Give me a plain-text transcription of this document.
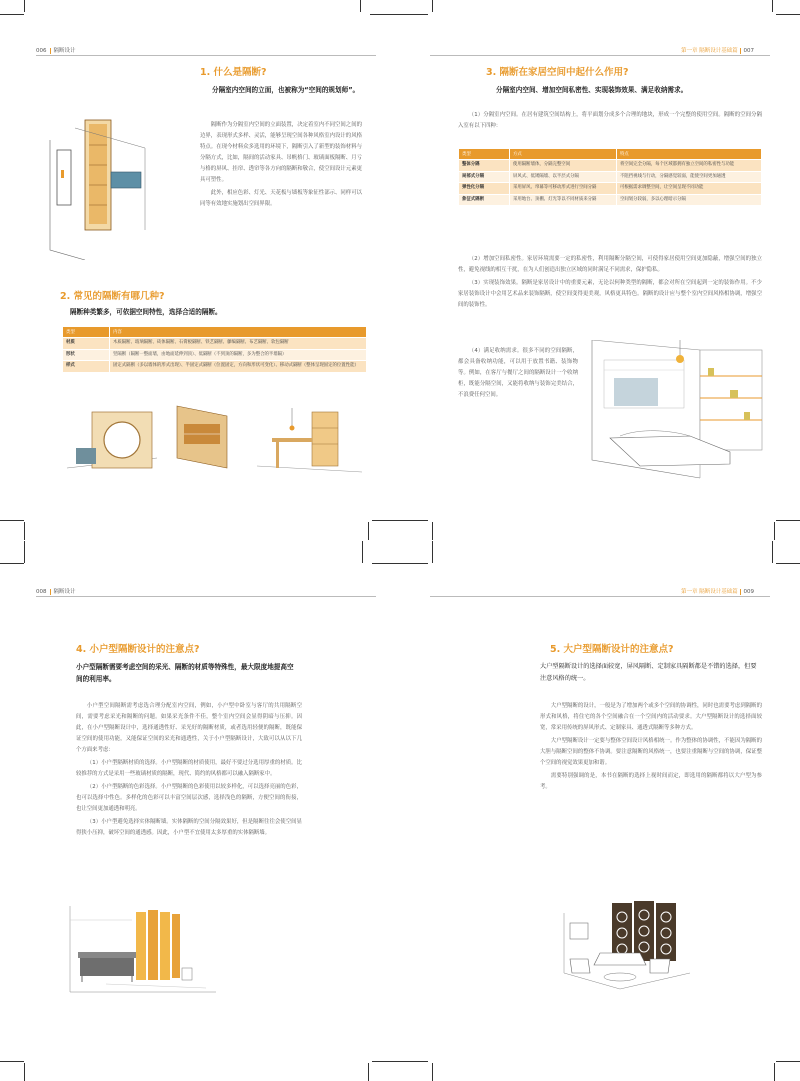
006 隔断设计
1. 什么是隔断?
分隔室内空间的立面，也被称为“空间的规划师”。

隔断作为分隔室内空间的立面装置，决定着室内不同空间之间的边界，表现形式多样、灵活，能够呈现空间各种风格室内设计的风格特点。在现今材料众多选用的环境下，隔断引入了新型的装饰材料与分隔方式，比如，隔间的活动家具、吊帆格门、玻璃面板隔断、月亏与格的屏风、挂帘、透帘等各方向的隔断和敬合，使空间设计元素更具可塑性。

此外，相应色彩、灯光、天花板与墙板等象征性部示、同样可以同等有效地实施划出空间界限。

2. 常见的隔断有哪几种?
隔断种类繁多，可依据空间特性，选择合适的隔断。
类型	内容
材质	木质隔断、玻璃隔断、砖体隔断、石膏板隔断、铁艺隔断、藤编隔断、布艺隔断、软包隔断
形状	竖隔断（隔断一整面墙，由地面延伸到顶）、低隔断（不到顶的隔断，多为整合的半墙隔）
样式	固定式隔断（多以墙体的形式出现）、半固定式隔断（位置固定，方向和形状可变化）、移动式隔断（整体呈现固定的位置性能）
第一章 隔断设计基础篇 007
3. 隔断在家居空间中起什么作用?
分隔室内空间、增加空间私密性、实现装饰效果、满足收纳需求。

（1）分隔室内空间。在居有建筑空间结构上，将平面划分成多个合理的地块，形成一个完整的使用空间。隔断的空间分隔入室有以下四种：

类型	方式	特点
整体分隔	使用隔断墙体，分隔完整空间	将空间完全分隔，每个区域都拥有独立空间的私密性与功能
局部式分隔	屏风式、低矮隔墙、以半层式分隔	不阻挡视线与行动，分隔感觉较弱，能使空间更加通透
弹性化分隔	采用屏风、帘幕等可移动形式进行空间分隔	可根据需求调整空间，让空间呈现不同功能
象征式隔断	采用地台、顶棚、灯光等以不同材质来分隔	空间划分较弱，多以心理暗示分隔

（2）增加空间私密性。家居环境需要一定的私密性，利用隔断分隔空间，可使得家居使用空间更加隐蔽，增强空间的独立性，避免视线的相互干扰，在为人们创造出独立区域的同时满足不同需求，保护隐私。

（3）实现装饰效果。隔断是家居设计中的重要元素，无论以何种类型的隔断，都会对所在空间起到一定的装饰作用。不少家居装饰设计中会用艺术品来装饰隔断，使空间变得更美观，风格更具特色。隔断的设计应与整个室内空间风格相协调，增强空间的装饰性。

（4）满足收纳需求。很多不同的空间隔断，都会具备收纳功能，可以用于放置书籍、装饰物等。例如，在客厅与餐厅之间的隔断设计一个收纳柜，既能分隔空间，又能将收纳与装饰完美结合，不浪费任何空间。

008 隔断设计
4. 小户型隔断设计的注意点?
小户型隔断需要考虑空间的采光、隔断的材质等特殊性，最大限度地提高空间的利用率。

小户型空间隔断需考虑选合理分配室内空间，例如，小户型中卧室与客厅的共用隔断空间，需要考虑采光和隔断的问题。如果采光条件不佳，整个室内空间会显得阴暗与压抑。因此，在小户型隔断设计中，选择通透性好、采光好的隔断材质，或者选用轻便的隔断，既能保证空间的使用功能，又能保证空间的采光和通透性，关于小户型隔断设计，大致可以从以下几个方面来考虑：

（1）小户型隔断材质的选择。小户型隔断的材质使用，最好不要过分选用厚重的材质。比较推荐的方式是采用一些玻璃材质的隔断，现代、简约的风格都可以融入隔断家中。

（2）小户型隔断的色彩选择。小户型隔断的色彩使用以较多样化，可以选择亮丽的色彩，也可以选择中性色。多样化的色彩可以丰富空间层次感，选择浅色的隔断，方便空间的衔接，也让空间更加通透和明亮。

（3）小户型避免选择实体隔断墙。实体隔断的空间分隔效果好，但是隔断往往会使空间显得狭小压抑，破坏空间的通透感。因此，小户型不宜使用太多厚重的实体隔断墙。

第一章 隔断设计基础篇 009
5. 大户型隔断设计的注意点?
大户型隔断设计的选择面较宽，屏风隔断、定制家具隔断都是不错的选择，但要注意风格的统一。

大户型隔断的设计，一般是为了增加两个或多个空间的协调性，同时也需要考虑到隔断的形式和风格，将住宅的各个空间融合在一个空间内的活动要求。大户型隔断设计的选择面较宽，常采用传统的屏风形式、定制家具、通透式隔断等多种方式。

大户型隔断设计一定要与整体空间设计风格相统一。作为整体的协调性，不能因为隔断的大胆与隔断空间的整体不协调。要注意隔断的风格统一，也要注重隔断与空间的协调，保证整个空间的视觉效果更加和谐。

需要特别强调的是，本书在隔断的选择上视时间而定，即选用的隔断都将以大户型为参考。
